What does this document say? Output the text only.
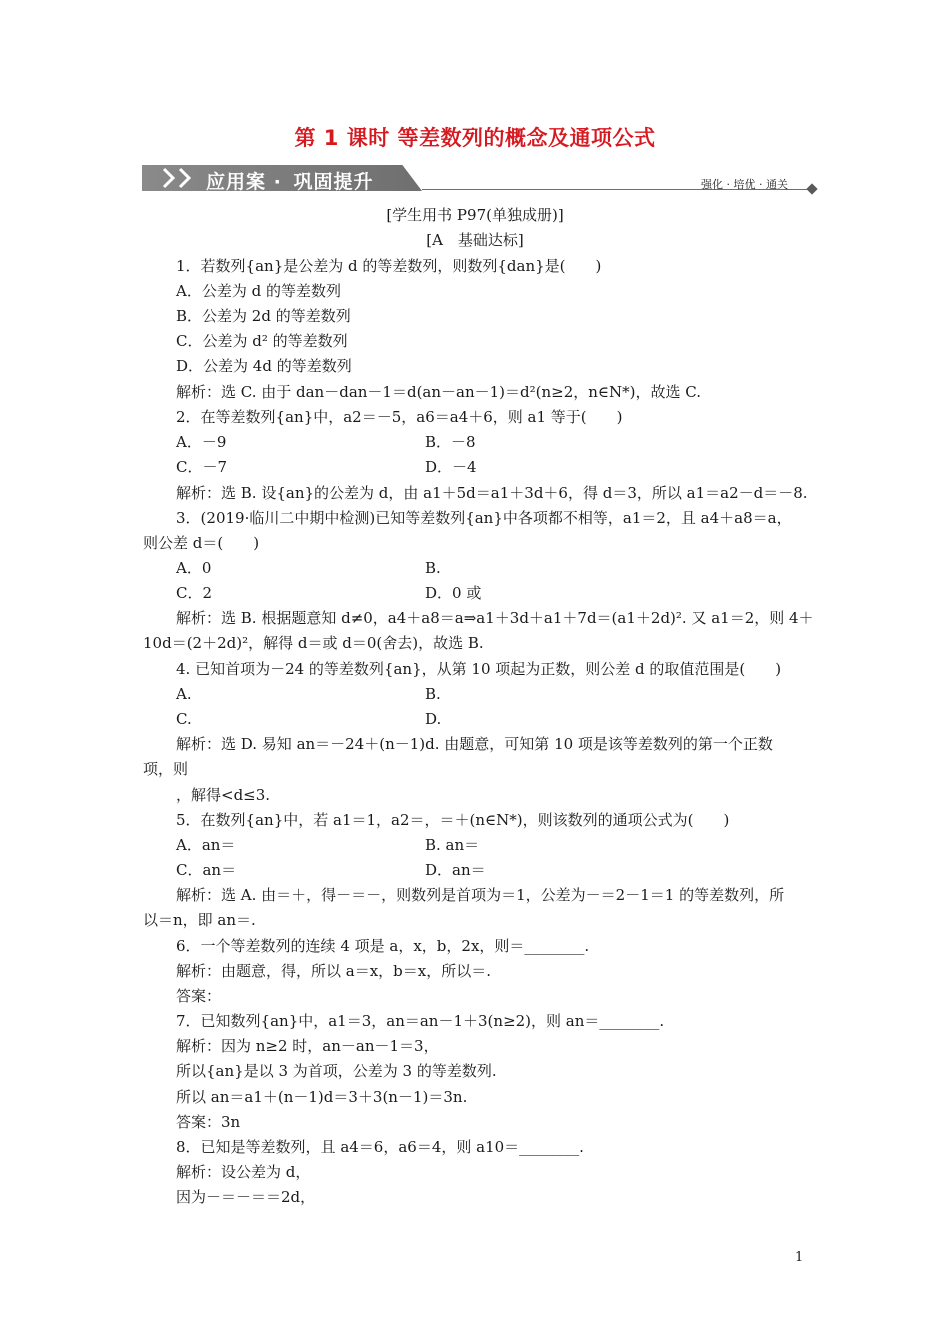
第 1 课时 等差数列的概念及通项公式
应用案 · 巩固提升	强化 · 培优 · 通关
[学生用书 P97(单独成册)]
[A　基础达标]
1．若数列{an}是公差为 d 的等差数列，则数列{dan}是(　　)
A．公差为 d 的等差数列
B．公差为 2d 的等差数列
C．公差为 d² 的等差数列
D．公差为 4d 的等差数列
解析：选 C. 由于 dan－dan－1＝d(an－an－1)＝d²(n≥2，n∈N*)，故选 C.
2．在等差数列{an}中，a2＝－5，a6＝a4＋6，则 a1 等于(　　)
A．－9	B．－8
C．－7	D．－4
解析：选 B. 设{an}的公差为 d，由 a1＋5d＝a1＋3d＋6，得 d＝3，所以 a1＝a2－d＝－8.
3．(2019·临川二中期中检测)已知等差数列{an}中各项都不相等，a1＝2，且 a4＋a8＝a，
则公差 d＝(　　)
A．0	B.
C．2	D．0 或
解析：选 B. 根据题意知 d≠0，a4＋a8＝a⇒a1＋3d＋a1＋7d＝(a1＋2d)². 又 a1＝2，则 4＋
10d＝(2＋2d)²，解得 d＝或 d＝0(舍去)，故选 B.
4. 已知首项为－24 的等差数列{an}，从第 10 项起为正数，则公差 d 的取值范围是(　　)
A.	B.
C.	D.
解析：选 D. 易知 an＝－24＋(n－1)d. 由题意，可知第 10 项是该等差数列的第一个正数
项，则
，解得<d≤3.
5．在数列{an}中，若 a1＝1，a2＝，＝＋(n∈N*)，则该数列的通项公式为(　　)
A．an＝	B. an＝
C．an＝	D．an＝
解析：选 A. 由＝＋，得－＝－，则数列是首项为＝1，公差为－＝2－1＝1 的等差数列，所
以＝n，即 an＝.
6．一个等差数列的连续 4 项是 a，x，b，2x，则＝________.
解析：由题意，得，所以 a＝x，b＝x，所以＝.
答案：
7．已知数列{an}中，a1＝3，an＝an－1＋3(n≥2)，则 an＝________.
解析：因为 n≥2 时，an－an－1＝3，
所以{an}是以 3 为首项，公差为 3 的等差数列.
所以 an＝a1＋(n－1)d＝3＋3(n－1)＝3n.
答案：3n
8．已知是等差数列，且 a4＝6，a6＝4，则 a10＝________.
解析：设公差为 d，
因为－＝－＝＝2d，
1
